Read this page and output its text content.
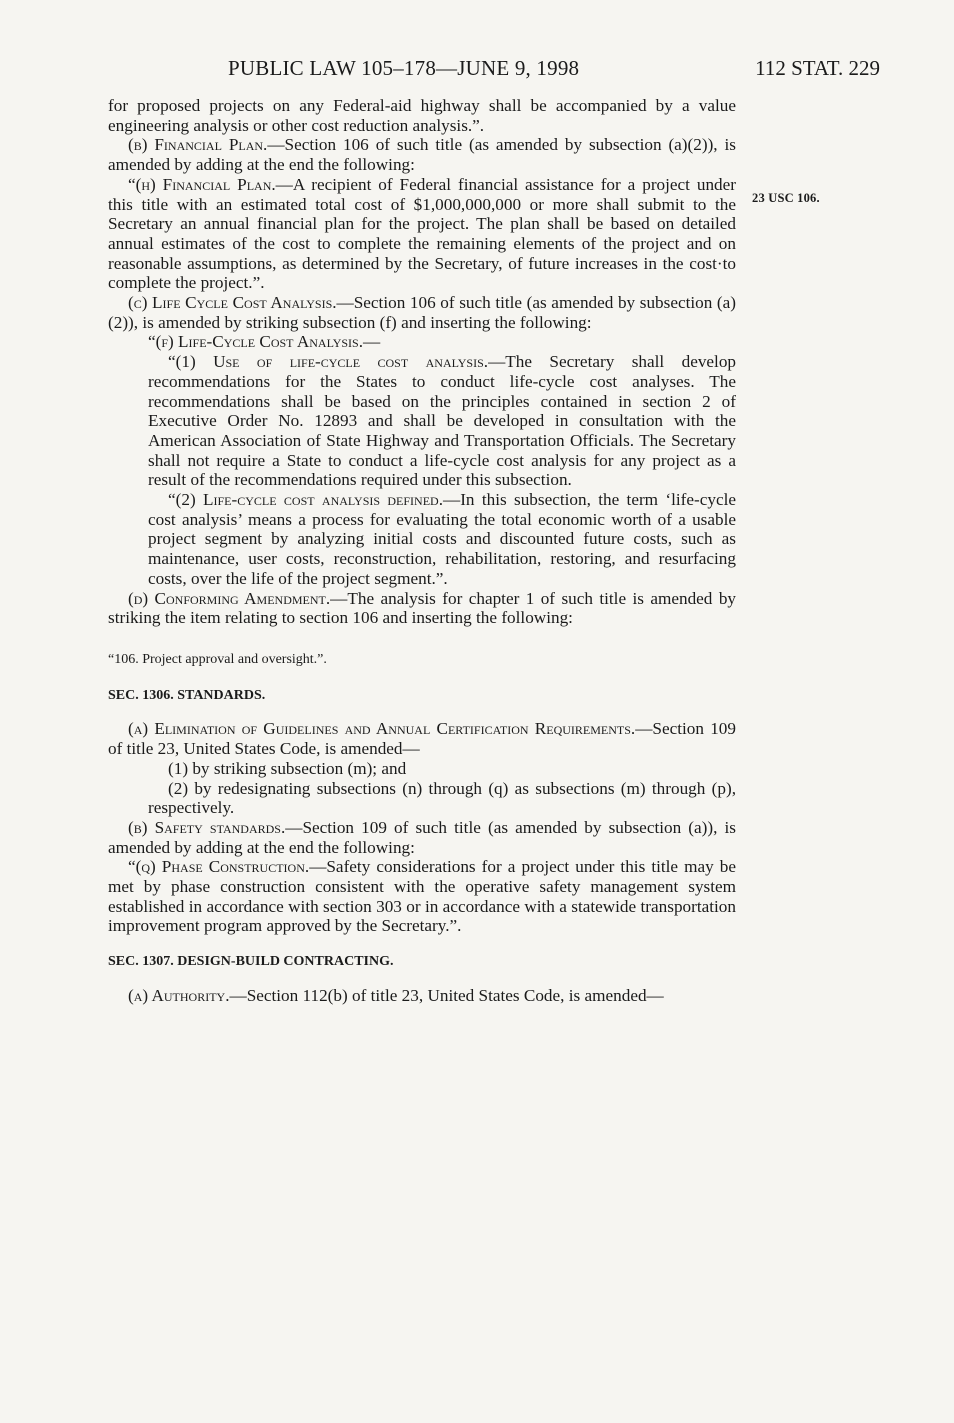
PUBLIC LAW 105–178—JUNE 9, 1998	112 STAT. 229
23 USC 106.

for proposed projects on any Federal-aid highway shall be accompanied by a value engineering analysis or other cost reduction analysis.”.

(b) Financial Plan.—Section 106 of such title (as amended by subsection (a)(2)), is amended by adding at the end the following:

“(h) Financial Plan.—A recipient of Federal financial assistance for a project under this title with an estimated total cost of $1,000,000,000 or more shall submit to the Secretary an annual financial plan for the project. The plan shall be based on detailed annual estimates of the cost to complete the remaining elements of the project and on reasonable assumptions, as determined by the Secretary, of future increases in the cost·to complete the project.”.

(c) Life Cycle Cost Analysis.—Section 106 of such title (as amended by subsection (a)(2)), is amended by striking subsection (f) and inserting the following:

“(f) Life-Cycle Cost Analysis.—

“(1) Use of life-cycle cost analysis.—The Secretary shall develop recommendations for the States to conduct life-cycle cost analyses. The recommendations shall be based on the principles contained in section 2 of Executive Order No. 12893 and shall be developed in consultation with the American Association of State Highway and Transportation Officials. The Secretary shall not require a State to conduct a life-cycle cost analysis for any project as a result of the recommendations required under this subsection.

“(2) Life-cycle cost analysis defined.—In this subsection, the term ‘life-cycle cost analysis’ means a process for evaluating the total economic worth of a usable project segment by analyzing initial costs and discounted future costs, such as maintenance, user costs, reconstruction, rehabilitation, restoring, and resurfacing costs, over the life of the project segment.”.

(d) Conforming Amendment.—The analysis for chapter 1 of such title is amended by striking the item relating to section 106 and inserting the following:

“106. Project approval and oversight.”.

SEC. 1306. STANDARDS.

(a) Elimination of Guidelines and Annual Certification Requirements.—Section 109 of title 23, United States Code, is amended—

(1) by striking subsection (m); and

(2) by redesignating subsections (n) through (q) as subsections (m) through (p), respectively.

(b) Safety standards.—Section 109 of such title (as amended by subsection (a)), is amended by adding at the end the following:

“(q) Phase Construction.—Safety considerations for a project under this title may be met by phase construction consistent with the operative safety management system established in accordance with section 303 or in accordance with a statewide transportation improvement program approved by the Secretary.”.

SEC. 1307. DESIGN-BUILD CONTRACTING.

(a) Authority.—Section 112(b) of title 23, United States Code, is amended—
